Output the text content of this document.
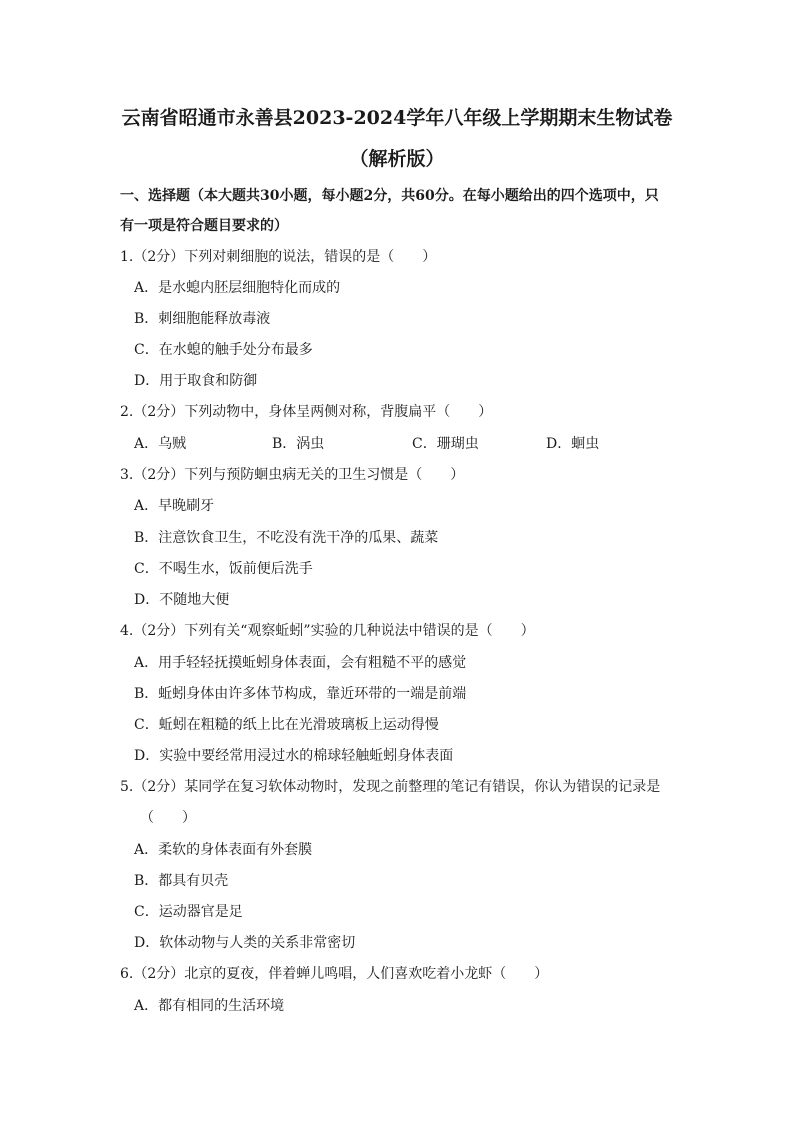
云南省昭通市永善县2023-2024学年八年级上学期期末生物试卷
（解析版）
一、选择题（本大题共30小题，每小题2分，共60分。在每小题给出的四个选项中，只
有一项是符合题目要求的）
1.（2分）下列对刺细胞的说法，错误的是（　　）
A．是水螅内胚层细胞特化而成的
B．刺细胞能释放毒液
C．在水螅的触手处分布最多
D．用于取食和防御
2.（2分）下列动物中，身体呈两侧对称，背腹扁平（　　）
A．乌贼	B．涡虫	C．珊瑚虫	D．蛔虫
3.（2分）下列与预防蛔虫病无关的卫生习惯是（　　）
A．早晚刷牙
B．注意饮食卫生，不吃没有洗干净的瓜果、蔬菜
C．不喝生水，饭前便后洗手
D．不随地大便
4.（2分）下列有关“观察蚯蚓”实验的几种说法中错误的是（　　）
A．用手轻轻抚摸蚯蚓身体表面，会有粗糙不平的感觉
B．蚯蚓身体由许多体节构成，靠近环带的一端是前端
C．蚯蚓在粗糙的纸上比在光滑玻璃板上运动得慢
D．实验中要经常用浸过水的棉球轻触蚯蚓身体表面
5.（2分）某同学在复习软体动物时，发现之前整理的笔记有错误，你认为错误的记录是
（　　）
A．柔软的身体表面有外套膜
B．都具有贝壳
C．运动器官是足
D．软体动物与人类的关系非常密切
6.（2分）北京的夏夜，伴着蝉儿鸣唱，人们喜欢吃着小龙虾（　　）
A．都有相同的生活环境
